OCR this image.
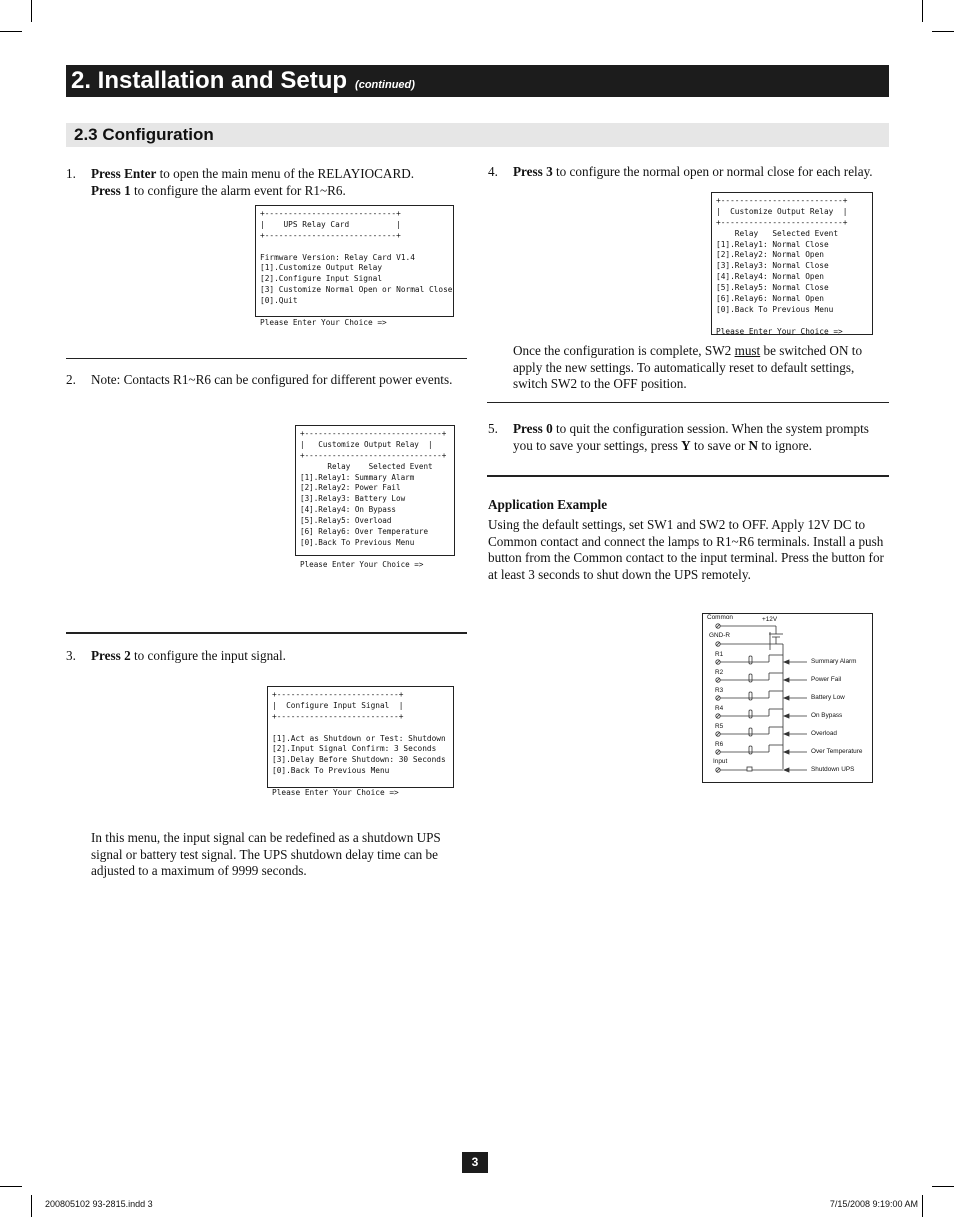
2. Installation and Setup (continued)
2.3 Configuration
1. Press Enter to open the main menu of the RELAYIOCARD.
Press 1 to configure the alarm event for R1~R6.
+----------------------------+
|    UPS Relay Card          |
+----------------------------+
Firmware Version: Relay Card V1.4
[1].Customize Output Relay
[2].Configure Input Signal
[3] Customize Normal Open or Normal Close
[0].Quit
Please Enter Your Choice =>
2. Note: Contacts R1~R6 can be configured for different power events.
+------------------------------+
|   Customize Output Relay  |
+------------------------------+
Relay    Selected Event
[1].Relay1: Summary Alarm
[2].Relay2: Power Fail
[3].Relay3: Battery Low
[4].Relay4: On Bypass
[5].Relay5: Overload
[6] Relay6: Over Temperature
[0].Back To Previous Menu
Please Enter Your Choice =>
3. Press 2 to configure the input signal.
+--------------------------+
|  Configure Input Signal  |
+--------------------------+
[1].Act as Shutdown or Test: Shutdown
[2].Input Signal Confirm: 3 Seconds
[3].Delay Before Shutdown: 30 Seconds
[0].Back To Previous Menu
Please Enter Your Choice =>
In this menu, the input signal can be redefined as a shutdown UPS signal or battery test signal. The UPS shutdown delay time can be adjusted to a maximum of 9999 seconds.
4. Press 3 to configure the normal open or normal close for each relay.
+--------------------------+
|  Customize Output Relay  |
+--------------------------+
Relay   Selected Event
[1].Relay1: Normal Close
[2].Relay2: Normal Open
[3].Relay3: Normal Close
[4].Relay4: Normal Open
[5].Relay5: Normal Close
[6].Relay6: Normal Open
[0].Back To Previous Menu
Please Enter Your Choice =>
Once the configuration is complete, SW2 must be switched ON to apply the new settings. To automatically reset to default settings, switch SW2 to the OFF position.
5. Press 0 to quit the configuration session. When the system prompts you to save your settings, press Y to save or N to ignore.
Application Example
Using the default settings, set SW1 and SW2 to OFF. Apply 12V DC to Common contact and connect the lamps to R1~R6 terminals. Install a push button from the Common contact to the input terminal. Press the button for at least 3 seconds to shut down the UPS remotely.
Common	+12V
GND-R
R1
R2
R3
R4
R5
R6
Input
Summary Alarm
Power Fail
Battery Low
On Bypass
Overload
Over Temperature
Shutdown UPS
3
200805102 93-2815.indd 3	7/15/2008 9:19:00 AM
